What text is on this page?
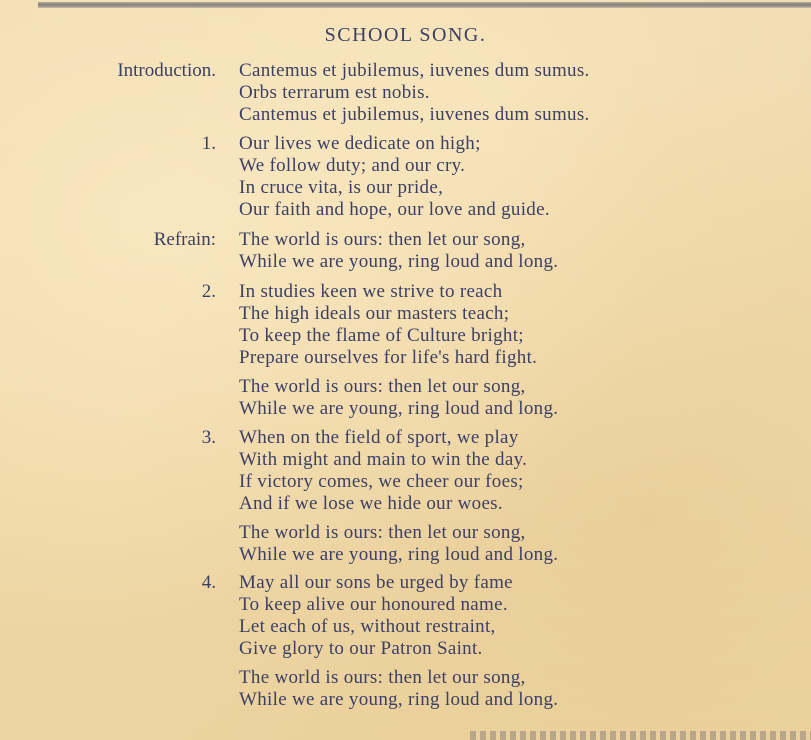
SCHOOL SONG.
Introduction. Cantemus et jubilemus, iuvenes dum sumus.
Orbs terrarum est nobis.
Cantemus et jubilemus, iuvenes dum sumus.
1. Our lives we dedicate on high;
We follow duty; and our cry.
In cruce vita, is our pride,
Our faith and hope, our love and guide.
Refrain: The world is ours: then let our song,
While we are young, ring loud and long.
2. In studies keen we strive to reach
The high ideals our masters teach;
To keep the flame of Culture bright;
Prepare ourselves for life's hard fight.
The world is ours: then let our song,
While we are young, ring loud and long.
3. When on the field of sport, we play
With might and main to win the day.
If victory comes, we cheer our foes;
And if we lose we hide our woes.
The world is ours: then let our song,
While we are young, ring loud and long.
4. May all our sons be urged by fame
To keep alive our honoured name.
Let each of us, without restraint,
Give glory to our Patron Saint.
The world is ours: then let our song,
While we are young, ring loud and long.
